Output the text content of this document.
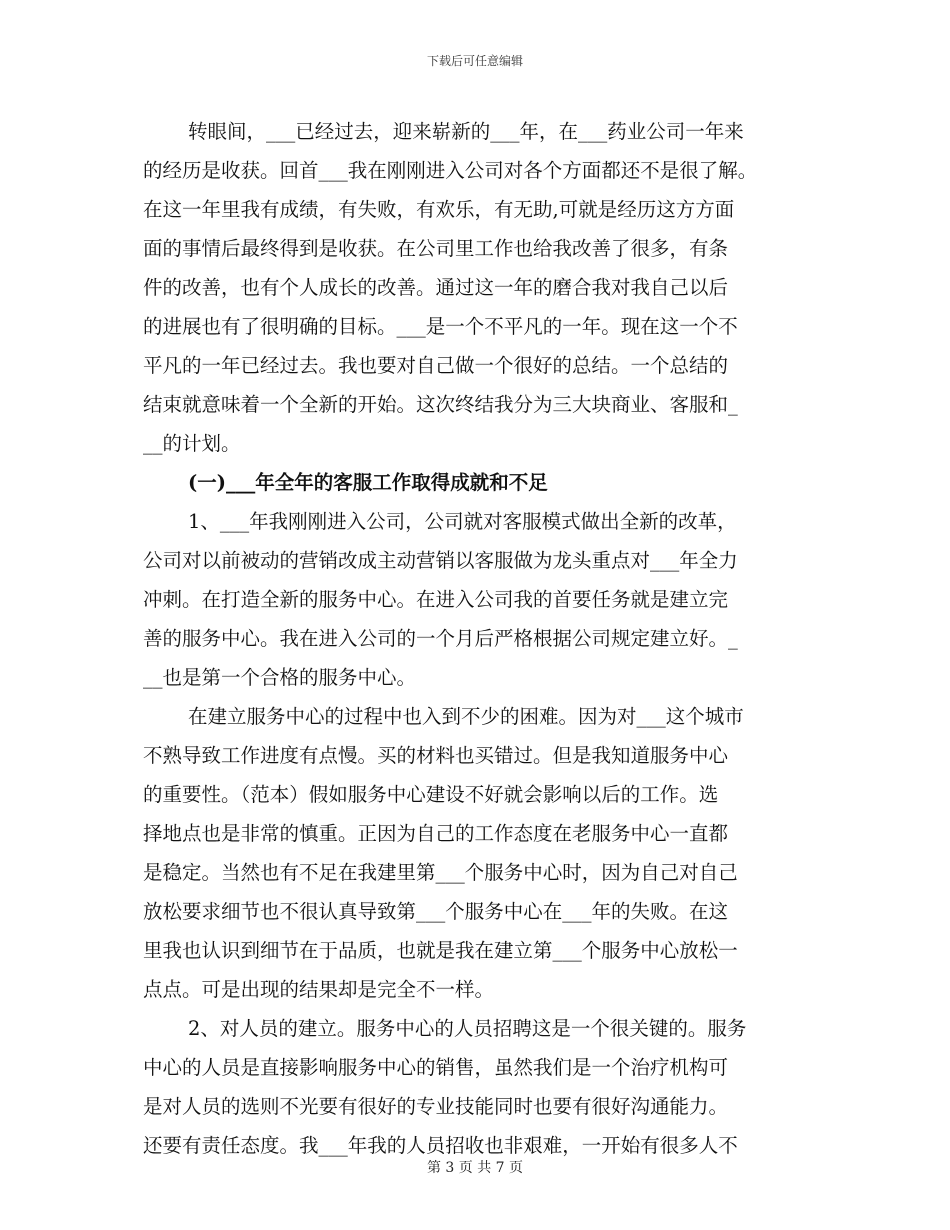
下载后可任意编辑
转眼间，___已经过去，迎来崭新的___年，在___药业公司一年来
的经历是收获。回首___我在刚刚进入公司对各个方面都还不是很了解。
在这一年里我有成绩，有失败，有欢乐，有无助,可就是经历这方方面
面的事情后最终得到是收获。在公司里工作也给我改善了很多，有条
件的改善，也有个人成长的改善。通过这一年的磨合我对我自己以后
的进展也有了很明确的目标。___是一个不平凡的一年。现在这一个不
平凡的一年已经过去。我也要对自己做一个很好的总结。一个总结的
结束就意味着一个全新的开始。这次终结我分为三大块商业、客服和_
__的计划。
(一)___年全年的客服工作取得成就和不足
1、___年我刚刚进入公司，公司就对客服模式做出全新的改革，
公司对以前被动的营销改成主动营销以客服做为龙头重点对___年全力
冲刺。在打造全新的服务中心。在进入公司我的首要任务就是建立完
善的服务中心。我在进入公司的一个月后严格根据公司规定建立好。_
__也是第一个合格的服务中心。
在建立服务中心的过程中也入到不少的困难。因为对___这个城市
不熟导致工作进度有点慢。买的材料也买错过。但是我知道服务中心
的重要性。（范本）假如服务中心建设不好就会影响以后的工作。选
择地点也是非常的慎重。正因为自己的工作态度在老服务中心一直都
是稳定。当然也有不足在我建里第___个服务中心时，因为自己对自己
放松要求细节也不很认真导致第___个服务中心在___年的失败。在这
里我也认识到细节在于品质，也就是我在建立第___个服务中心放松一
点点。可是出现的结果却是完全不一样。
2、对人员的建立。服务中心的人员招聘这是一个很关键的。服务
中心的人员是直接影响服务中心的销售，虽然我们是一个治疗机构可
是对人员的选则不光要有很好的专业技能同时也要有很好沟通能力。
还要有责任态度。我___年我的人员招收也非艰难，一开始有很多人不
第 3 页 共 7 页
